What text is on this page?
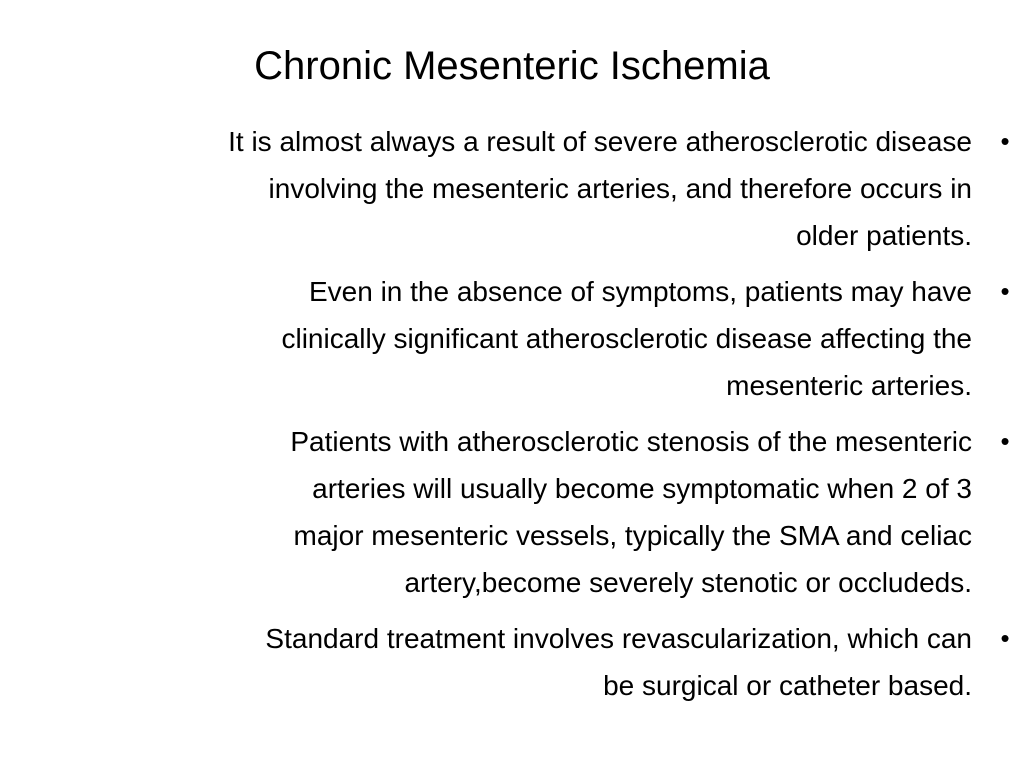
Chronic Mesenteric Ischemia
•
It is almost always a result of severe atherosclerotic disease
involving the mesenteric arteries, and therefore occurs in
older patients.
•
Even in the absence of symptoms, patients may have
clinically significant atherosclerotic disease affecting the
mesenteric arteries.
•
Patients with atherosclerotic stenosis of the mesenteric
arteries will usually become symptomatic when 2 of 3
major mesenteric vessels, typically the SMA and celiac
artery,become severely stenotic or occludeds.
•
Standard treatment involves revascularization, which can
be surgical or catheter based.
